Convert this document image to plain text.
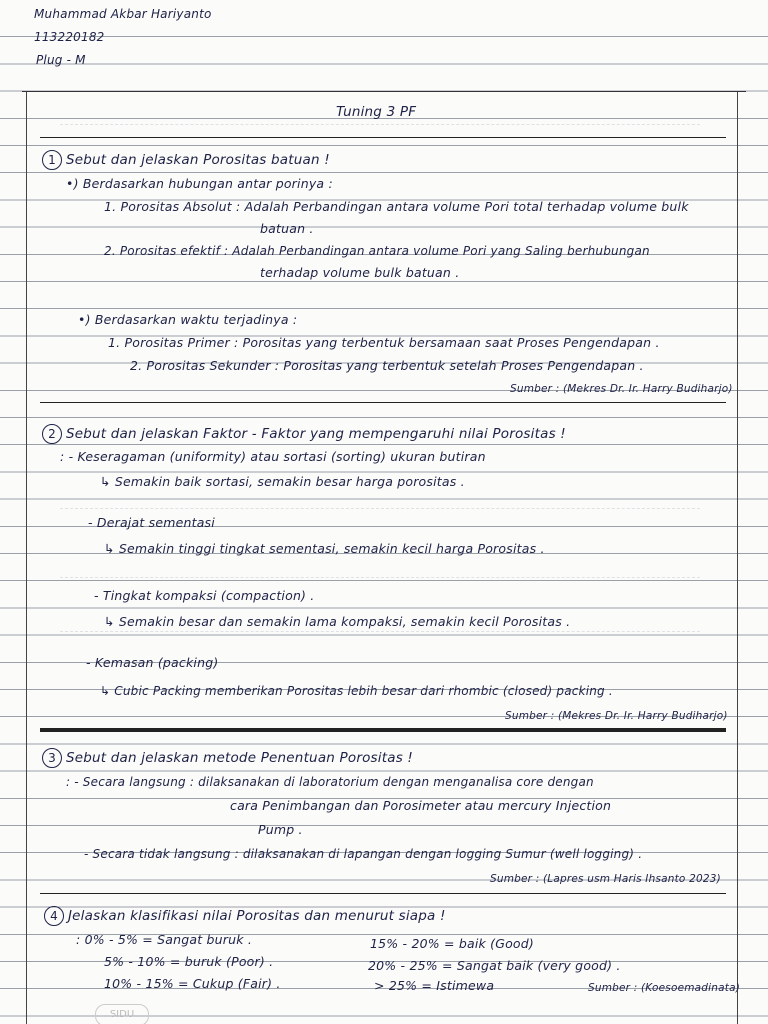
Muhammad Akbar Hariyanto
113220182
Plug - M
Tuning 3 PF
1 Sebut dan jelaskan Porositas batuan !
•) Berdasarkan hubungan antar porinya :
1. Porositas Absolut : Adalah Perbandingan antara volume Pori total terhadap volume bulk
batuan .
2. Porositas efektif : Adalah Perbandingan antara volume Pori yang Saling berhubungan
terhadap volume bulk batuan .
•) Berdasarkan waktu terjadinya :
1. Porositas Primer : Porositas yang terbentuk bersamaan saat Proses Pengendapan .
2. Porositas Sekunder : Porositas yang terbentuk setelah Proses Pengendapan .
Sumber : (Mekres Dr. Ir. Harry Budiharjo)
2 Sebut dan jelaskan Faktor - Faktor yang mempengaruhi nilai Porositas !
: - Keseragaman (uniformity) atau sortasi (sorting) ukuran butiran
↳ Semakin baik sortasi, semakin besar harga porositas .
- Derajat sementasi
↳ Semakin tinggi tingkat sementasi, semakin kecil harga Porositas .
- Tingkat kompaksi (compaction) .
↳ Semakin besar dan semakin lama kompaksi, semakin kecil Porositas .
- Kemasan (packing)
↳ Cubic Packing memberikan Porositas lebih besar dari rhombic (closed) packing .
Sumber : (Mekres Dr. Ir. Harry Budiharjo)
3 Sebut dan jelaskan metode Penentuan Porositas !
: - Secara langsung : dilaksanakan di laboratorium dengan menganalisa core dengan
cara Penimbangan dan Porosimeter atau mercury Injection
Pump .
- Secara tidak langsung : dilaksanakan di lapangan dengan logging Sumur (well logging) .
Sumber : (Lapres usm Haris Ihsanto 2023)
4 Jelaskan klasifikasi nilai Porositas dan menurut siapa !
: 0% - 5% = Sangat buruk .
5% - 10% = buruk (Poor) .
10% - 15% = Cukup (Fair) .
15% - 20% = baik (Good)
20% - 25% = Sangat baik (very good) .
> 25% = Istimewa	Sumber : (Koesoemadinata)
SIDU
